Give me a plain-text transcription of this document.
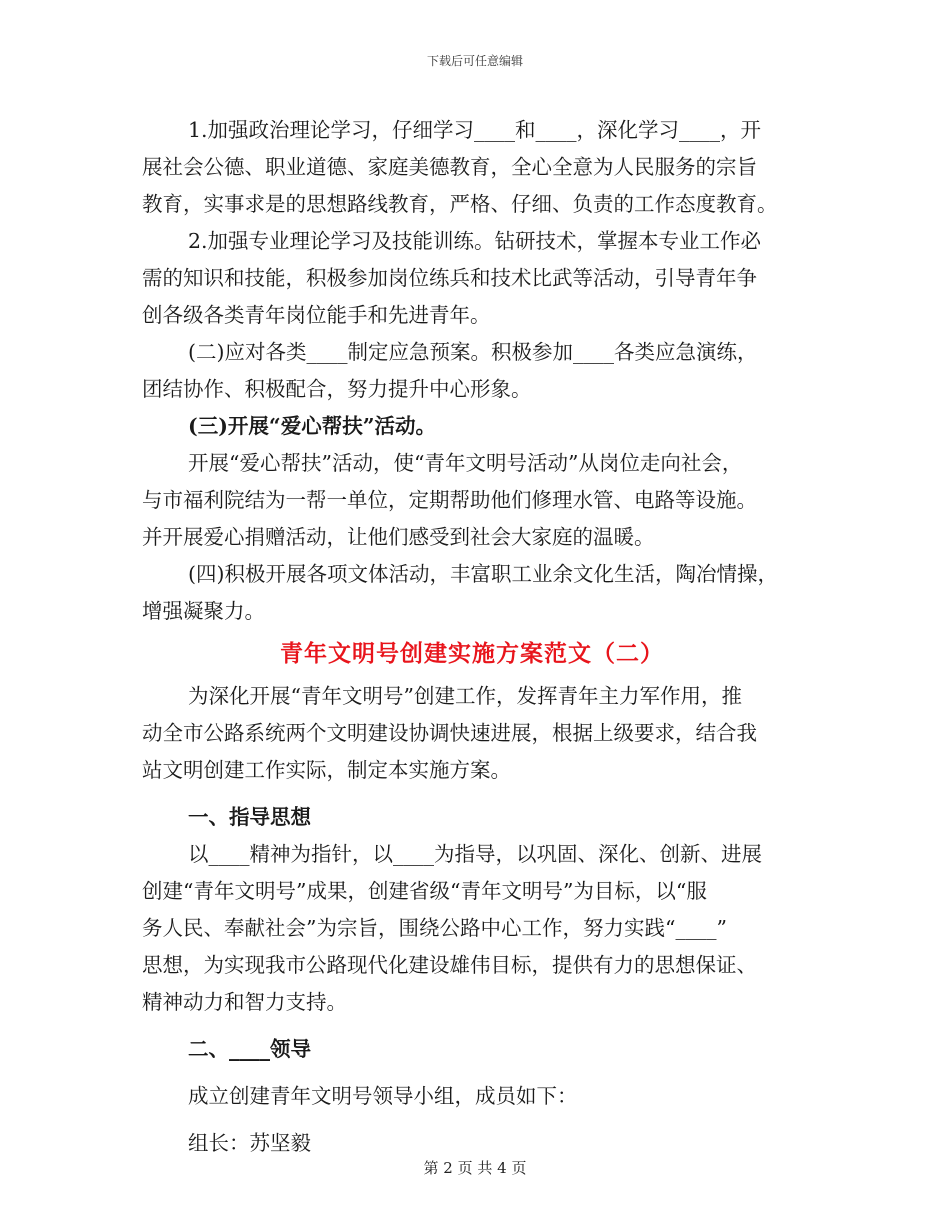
下载后可任意编辑
1.加强政治理论学习，仔细学习____和____，深化学习____，开
展社会公德、职业道德、家庭美德教育，全心全意为人民服务的宗旨
教育，实事求是的思想路线教育，严格、仔细、负责的工作态度教育。
2.加强专业理论学习及技能训练。钻研技术，掌握本专业工作必
需的知识和技能，积极参加岗位练兵和技术比武等活动，引导青年争
创各级各类青年岗位能手和先进青年。
(二)应对各类____制定应急预案。积极参加____各类应急演练，
团结协作、积极配合，努力提升中心形象。
(三)开展“爱心帮扶”活动。
开展“爱心帮扶”活动，使“青年文明号活动”从岗位走向社会，
与市福利院结为一帮一单位，定期帮助他们修理水管、电路等设施。
并开展爱心捐赠活动，让他们感受到社会大家庭的温暖。
(四)积极开展各项文体活动，丰富职工业余文化生活，陶冶情操，
增强凝聚力。
青年文明号创建实施方案范文（二）
为深化开展“青年文明号”创建工作，发挥青年主力军作用，推
动全市公路系统两个文明建设协调快速进展，根据上级要求，结合我
站文明创建工作实际，制定本实施方案。
一、指导思想
以____精神为指针，以____为指导，以巩固、深化、创新、进展
创建“青年文明号”成果，创建省级“青年文明号”为目标，以“服
务人民、奉献社会”为宗旨，围绕公路中心工作，努力实践“____”
思想，为实现我市公路现代化建设雄伟目标，提供有力的思想保证、
精神动力和智力支持。
二、____领导
成立创建青年文明号领导小组，成员如下：
组长：苏坚毅
第 2 页 共 4 页
